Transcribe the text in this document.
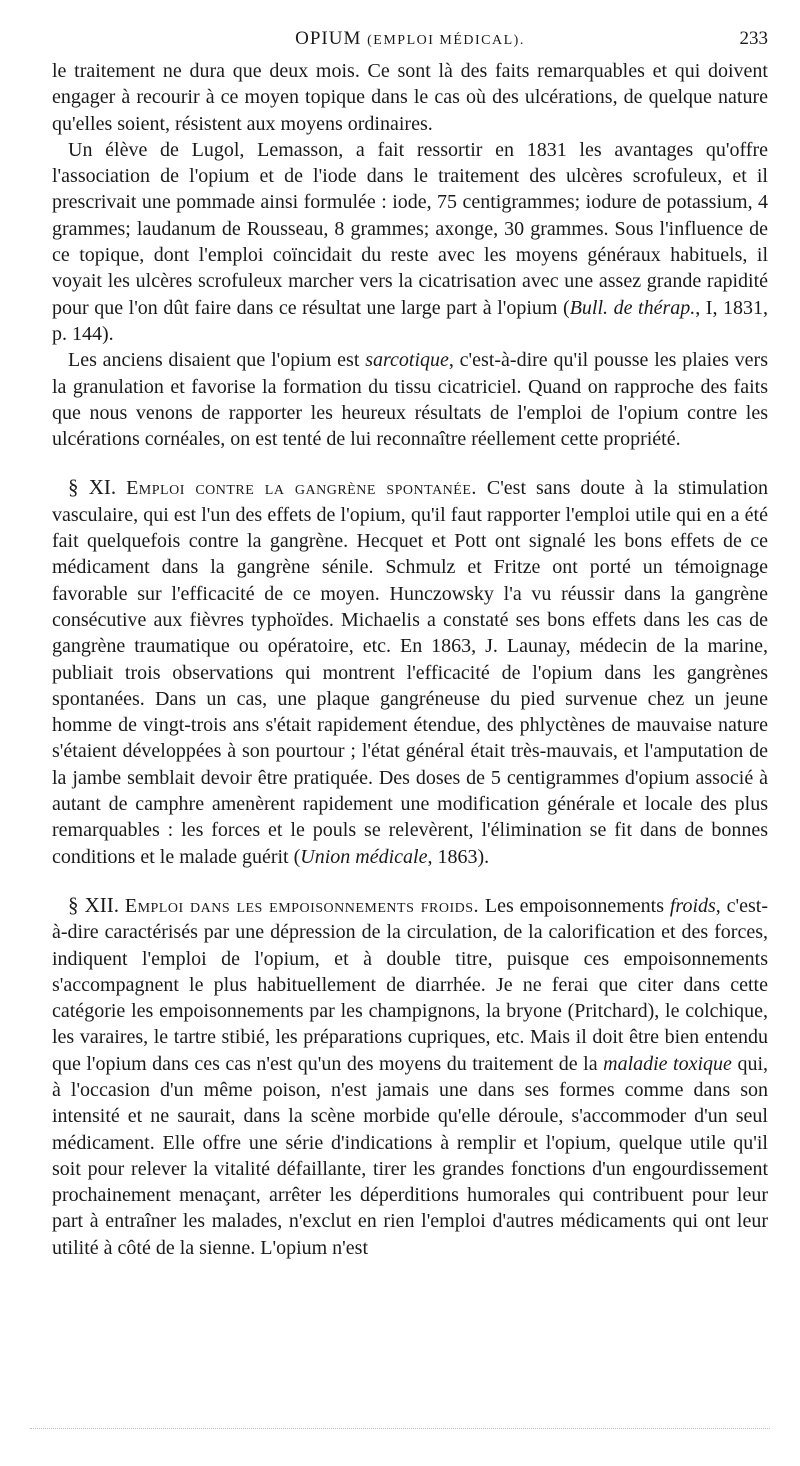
OPIUM (EMPLOI MÉDICAL).	233

le traitement ne dura que deux mois. Ce sont là des faits remarquables et qui doivent engager à recourir à ce moyen topique dans le cas où des ulcérations, de quelque nature qu'elles soient, résistent aux moyens ordinaires.

Un élève de Lugol, Lemasson, a fait ressortir en 1831 les avantages qu'offre l'association de l'opium et de l'iode dans le traitement des ulcères scrofuleux, et il prescrivait une pommade ainsi formulée : iode, 75 centigrammes; iodure de potassium, 4 grammes; laudanum de Rousseau, 8 grammes; axonge, 30 grammes. Sous l'influence de ce topique, dont l'emploi coïncidait du reste avec les moyens généraux habituels, il voyait les ulcères scrofuleux marcher vers la cicatrisation avec une assez grande rapidité pour que l'on dût faire dans ce résultat une large part à l'opium (Bull. de thérap., I, 1831, p. 144).

Les anciens disaient que l'opium est sarcotique, c'est-à-dire qu'il pousse les plaies vers la granulation et favorise la formation du tissu cicatriciel. Quand on rapproche des faits que nous venons de rapporter les heureux résultats de l'emploi de l'opium contre les ulcérations cornéales, on est tenté de lui reconnaître réellement cette propriété.

§ XI. Emploi contre la gangrène spontanée. C'est sans doute à la stimulation vasculaire, qui est l'un des effets de l'opium, qu'il faut rapporter l'emploi utile qui en a été fait quelquefois contre la gangrène. Hecquet et Pott ont signalé les bons effets de ce médicament dans la gangrène sénile. Schmulz et Fritze ont porté un témoignage favorable sur l'efficacité de ce moyen. Hunczowsky l'a vu réussir dans la gangrène consécutive aux fièvres typhoïdes. Michaelis a constaté ses bons effets dans les cas de gangrène traumatique ou opératoire, etc. En 1863, J. Launay, médecin de la marine, publiait trois observations qui montrent l'efficacité de l'opium dans les gangrènes spontanées. Dans un cas, une plaque gangréneuse du pied survenue chez un jeune homme de vingt-trois ans s'était rapidement étendue, des phlyctènes de mauvaise nature s'étaient développées à son pourtour ; l'état général était très-mauvais, et l'amputation de la jambe semblait devoir être pratiquée. Des doses de 5 centigrammes d'opium associé à autant de camphre amenèrent rapidement une modification générale et locale des plus remarquables : les forces et le pouls se relevèrent, l'élimination se fit dans de bonnes conditions et le malade guérit (Union médicale, 1863).

§ XII. Emploi dans les empoisonnements froids. Les empoisonnements froids, c'est-à-dire caractérisés par une dépression de la circulation, de la calorification et des forces, indiquent l'emploi de l'opium, et à double titre, puisque ces empoisonnements s'accompagnent le plus habituellement de diarrhée. Je ne ferai que citer dans cette catégorie les empoisonnements par les champignons, la bryone (Pritchard), le colchique, les varaires, le tartre stibié, les préparations cupriques, etc. Mais il doit être bien entendu que l'opium dans ces cas n'est qu'un des moyens du traitement de la maladie toxique qui, à l'occasion d'un même poison, n'est jamais une dans ses formes comme dans son intensité et ne saurait, dans la scène morbide qu'elle déroule, s'accommoder d'un seul médicament. Elle offre une série d'indications à remplir et l'opium, quelque utile qu'il soit pour relever la vitalité défaillante, tirer les grandes fonctions d'un engourdissement prochainement menaçant, arrêter les déperditions humorales qui contribuent pour leur part à entraîner les malades, n'exclut en rien l'emploi d'autres médicaments qui ont leur utilité à côté de la sienne. L'opium n'est
